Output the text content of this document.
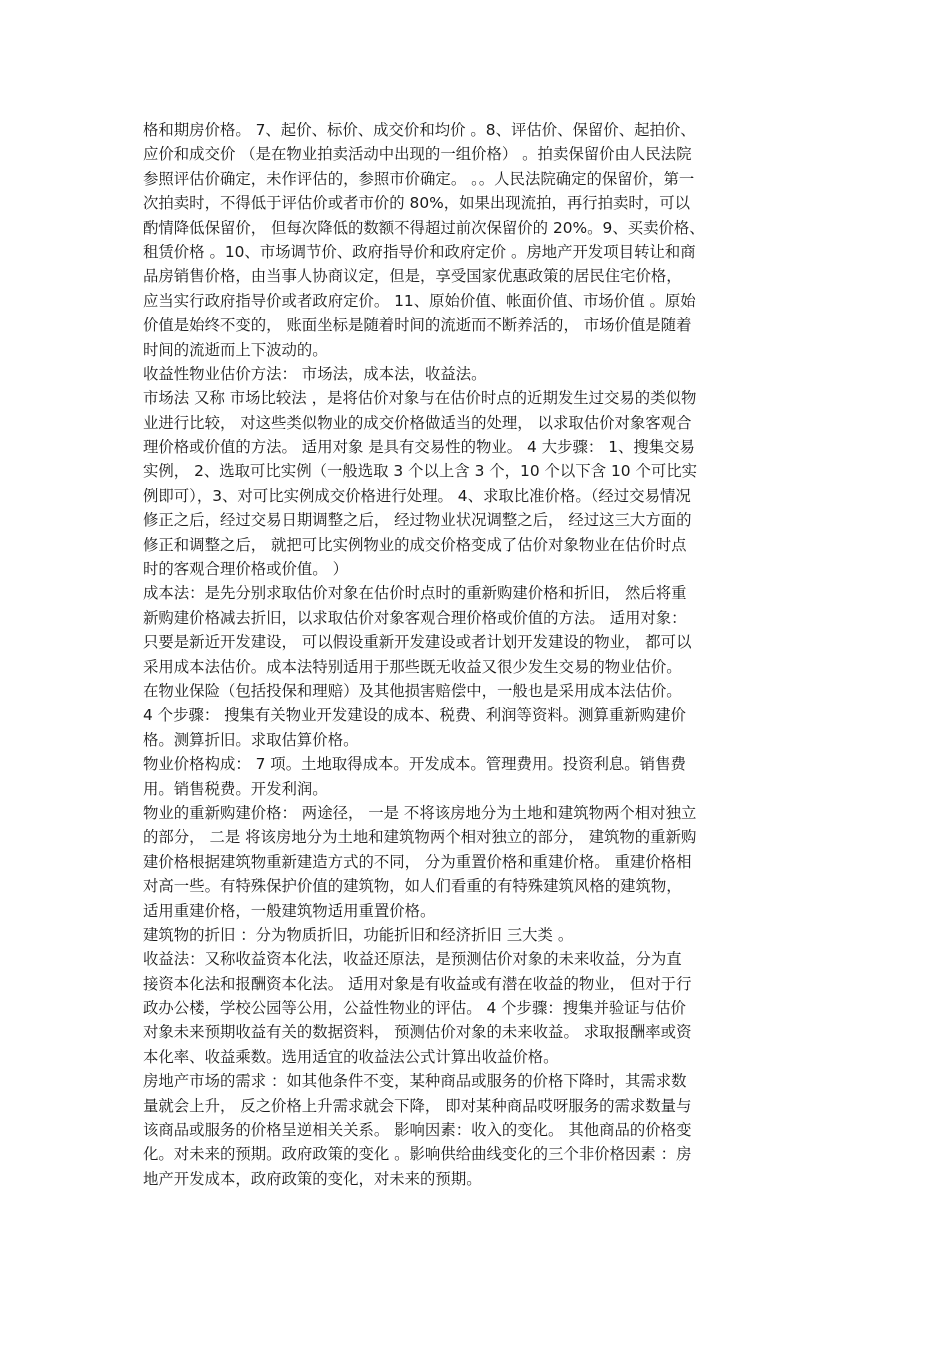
格和期房价格。 7、起价、标价、成交价和均价 。8、评估价、保留价、起拍价、
应价和成交价 （是在物业拍卖活动中出现的一组价格） 。拍卖保留价由人民法院
参照评估价确定，未作评估的，参照市价确定。 。。人民法院确定的保留价，第一
次拍卖时，不得低于评估价或者市价的 80%，如果出现流拍，再行拍卖时，可以
酌情降低保留价， 但每次降低的数额不得超过前次保留价的 20%。9、买卖价格、
租赁价格 。10、市场调节价、政府指导价和政府定价 。房地产开发项目转让和商
品房销售价格，由当事人协商议定，但是，享受国家优惠政策的居民住宅价格，
应当实行政府指导价或者政府定价。 11、原始价值、帐面价值、市场价值 。原始
价值是始终不变的， 账面坐标是随着时间的流逝而不断养活的， 市场价值是随着
时间的流逝而上下波动的。
收益性物业估价方法： 市场法，成本法，收益法。
市场法 又称 市场比较法 ，是将估价对象与在估价时点的近期发生过交易的类似物
业进行比较， 对这些类似物业的成交价格做适当的处理， 以求取估价对象客观合
理价格或价值的方法。 适用对象 是具有交易性的物业。 4 大步骤： 1、搜集交易
实例， 2、选取可比实例（一般选取 3 个以上含 3 个，10 个以下含 10 个可比实
例即可），3、对可比实例成交价格进行处理。 4、求取比准价格。（经过交易情况
修正之后，经过交易日期调整之后， 经过物业状况调整之后， 经过这三大方面的
修正和调整之后， 就把可比实例物业的成交价格变成了估价对象物业在估价时点
时的客观合理价格或价值。 ）
成本法：是先分别求取估价对象在估价时点时的重新购建价格和折旧， 然后将重
新购建价格减去折旧，以求取估价对象客观合理价格或价值的方法。 适用对象：
只要是新近开发建设， 可以假设重新开发建设或者计划开发建设的物业， 都可以
采用成本法估价。成本法特别适用于那些既无收益又很少发生交易的物业估价。
在物业保险（包括投保和理赔）及其他损害赔偿中，一般也是采用成本法估价。
4 个步骤： 搜集有关物业开发建设的成本、税费、利润等资料。测算重新购建价
格。测算折旧。求取估算价格。
物业价格构成： 7 项。土地取得成本。开发成本。管理费用。投资利息。销售费
用。销售税费。开发利润。
物业的重新购建价格： 两途径， 一是 不将该房地分为土地和建筑物两个相对独立
的部分， 二是 将该房地分为土地和建筑物两个相对独立的部分， 建筑物的重新购
建价格根据建筑物重新建造方式的不同， 分为重置价格和重建价格。 重建价格相
对高一些。有特殊保护价值的建筑物，如人们看重的有特殊建筑风格的建筑物，
适用重建价格，一般建筑物适用重置价格。
建筑物的折旧 ：分为物质折旧，功能折旧和经济折旧 三大类 。
收益法：又称收益资本化法，收益还原法，是预测估价对象的未来收益，分为直
接资本化法和报酬资本化法。 适用对象是有收益或有潜在收益的物业， 但对于行
政办公楼，学校公园等公用，公益性物业的评估。 4 个步骤：搜集并验证与估价
对象未来预期收益有关的数据资料， 预测估价对象的未来收益。 求取报酬率或资
本化率、收益乘数。选用适宜的收益法公式计算出收益价格。
房地产市场的需求 ：如其他条件不变，某种商品或服务的价格下降时，其需求数
量就会上升， 反之价格上升需求就会下降， 即对某种商品哎呀服务的需求数量与
该商品或服务的价格呈逆相关关系。 影响因素：收入的变化。 其他商品的价格变
化。对未来的预期。政府政策的变化 。影响供给曲线变化的三个非价格因素 ：房
地产开发成本，政府政策的变化，对未来的预期。
